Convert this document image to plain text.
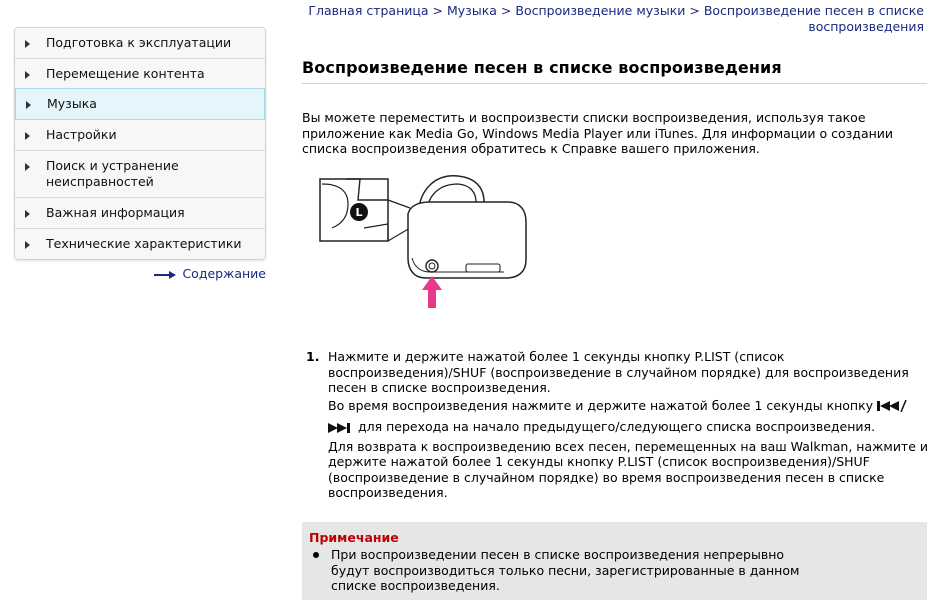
Главная страница > Музыка > Воспроизведение музыки > Воспроизведение песен в списке воспроизведения
Подготовка к эксплуатации
Перемещение контента
Музыка
Настройки
Поиск и устранение неисправностей
Важная информация
Технические характеристики
Содержание
Воспроизведение песен в списке воспроизведения

Вы можете переместить и воспроизвести списки воспроизведения, используя такое приложение как Media Go, Windows Media Player или iTunes. Для информации о создании списка воспроизведения обратитесь к Справке вашего приложения.

L
1. Нажмите и держите нажатой более 1 секунды кнопку P.LIST (список воспроизведения)/SHUF (воспроизведение в случайном порядке) для воспроизведения песен в списке воспроизведения.

Во время воспроизведения нажмите и держите нажатой более 1 секунды кнопку

для перехода на начало предыдущего/следующего списка воспроизведения.

Для возврата к воспроизведению всех песен, перемещенных на ваш Walkman, нажмите и держите нажатой более 1 секунды кнопку P.LIST (список воспроизведения)/SHUF (воспроизведение в случайном порядке) во время воспроизведения песен в списке воспроизведения.

Примечание
При воспроизведении песен в списке воспроизведения непрерывно будут воспроизводиться только песни, зарегистрированные в данном списке воспроизведения.
